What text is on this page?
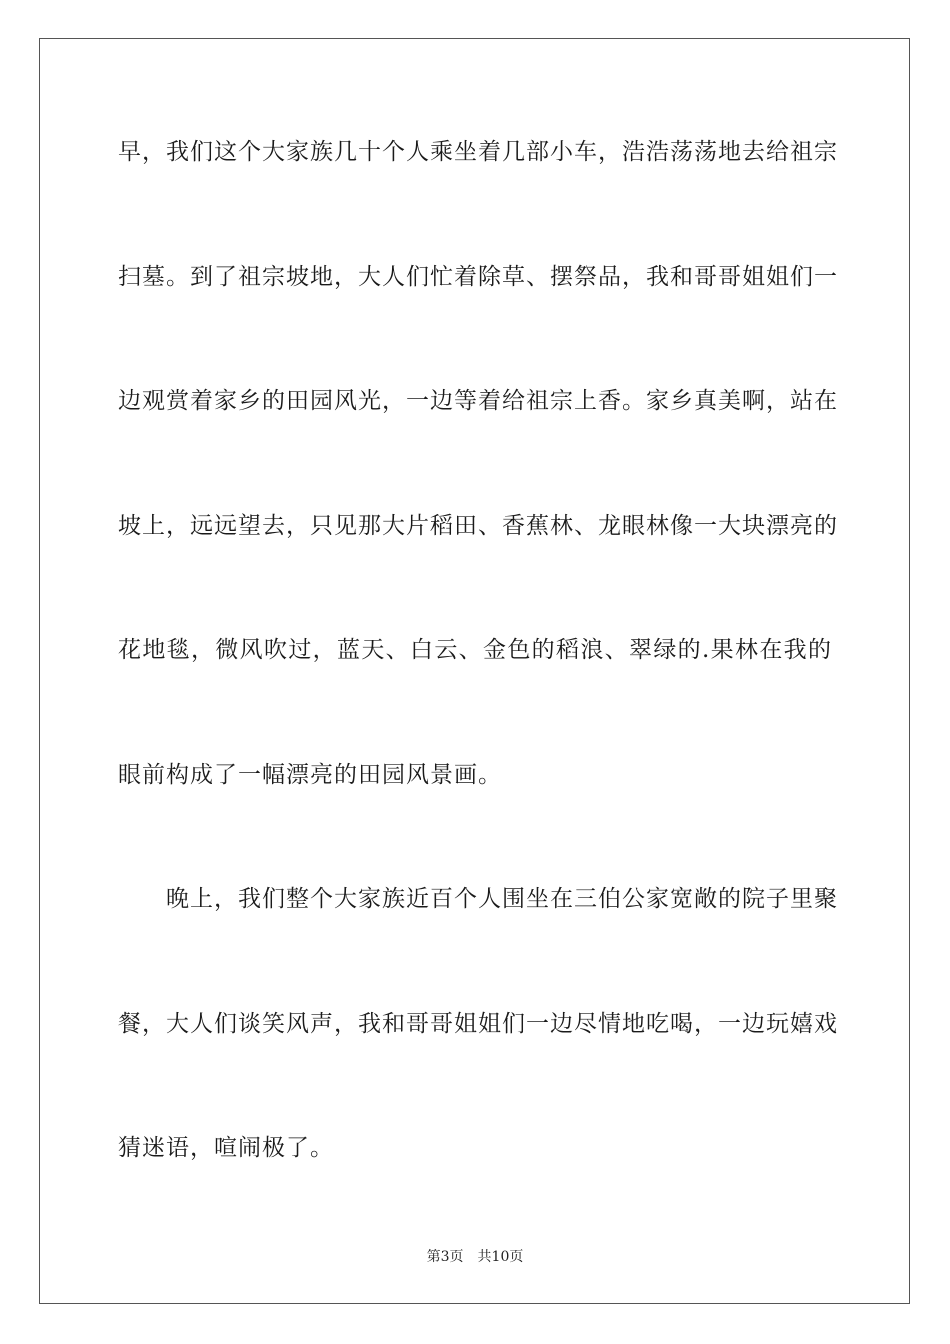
早，我们这个大家族几十个人乘坐着几部小车，浩浩荡荡地去给祖宗
扫墓。到了祖宗坡地，大人们忙着除草、摆祭品，我和哥哥姐姐们一
边观赏着家乡的田园风光，一边等着给祖宗上香。家乡真美啊，站在
坡上，远远望去，只见那大片稻田、香蕉林、龙眼林像一大块漂亮的
花地毯，微风吹过，蓝天、白云、金色的稻浪、翠绿的.果林在我的
眼前构成了一幅漂亮的田园风景画。
晚上，我们整个大家族近百个人围坐在三伯公家宽敞的院子里聚
餐，大人们谈笑风声，我和哥哥姐姐们一边尽情地吃喝，一边玩嬉戏
猜迷语，喧闹极了。
第3页 共10页
